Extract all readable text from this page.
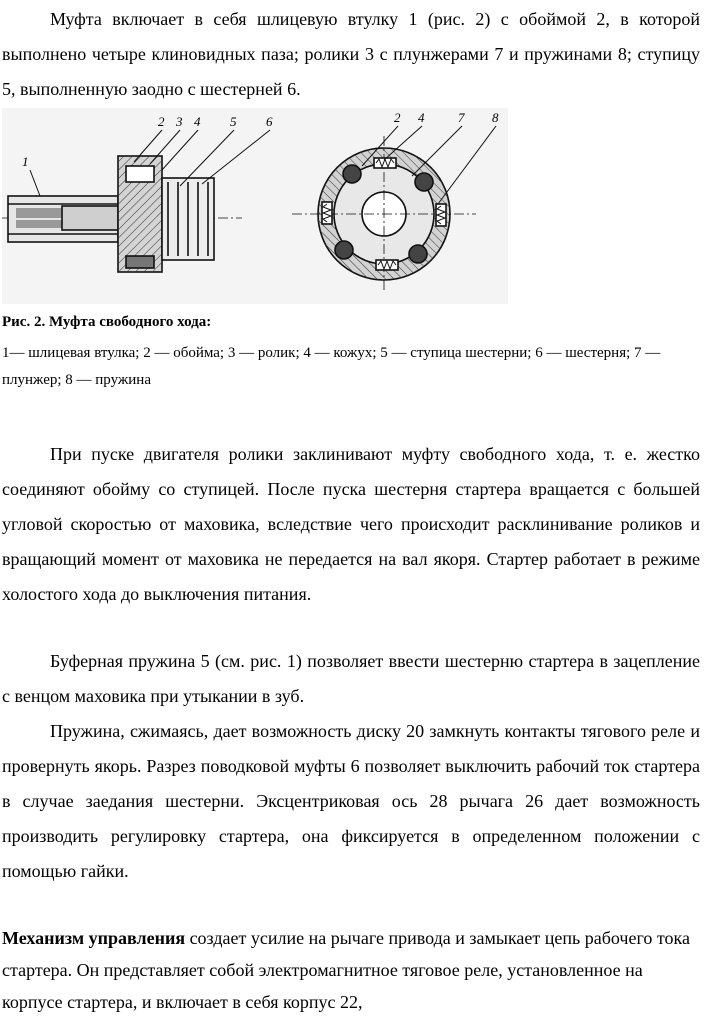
Муфта включает в себя шлицевую втулку 1 (рис. 2) с обоймой 2, в которой выполнено четыре клиновидных паза; ролики 3 с плунжерами 7 и пружинами 8; ступицу 5, выполненную заодно с шестерней 6.

1
2 3 4 5 6	2 4	7 8

Рис. 2. Муфта свободного хода:

1— шлицевая втулка; 2 — обойма; 3 — ролик; 4 — кожух; 5 — ступица шестерни; 6 — шестерня; 7 — плунжер; 8 — пружина

При пуске двигателя ролики заклинивают муфту свободного хода, т. е. жестко соединяют обойму со ступицей. После пуска шестерня стартера вращается с большей угловой скоростью от маховика, вследствие чего происходит расклинивание роликов и вращающий момент от маховика не передается на вал якоря. Стартер работает в режиме холостого хода до выключения питания.

Буферная пружина 5 (см. рис. 1) позволяет ввести шестерню стартера в зацепление с венцом маховика при утыкании в зуб.

Пружина, сжимаясь, дает возможность диску 20 замкнуть контакты тягового реле и провернуть якорь. Разрез поводковой муфты 6 позволяет выключить рабочий ток стартера в случае заедания шестерни. Эксцентриковая ось 28 рычага 26 дает возможность производить регулировку стартера, она фиксируется в определенном положении с помощью гайки.

Механизм управления создает усилие на рычаге привода и замыкает цепь рабочего тока стартера. Он представляет собой электромагнитное тяговое реле, установленное на корпусе стартера, и включает в себя корпус 22,
